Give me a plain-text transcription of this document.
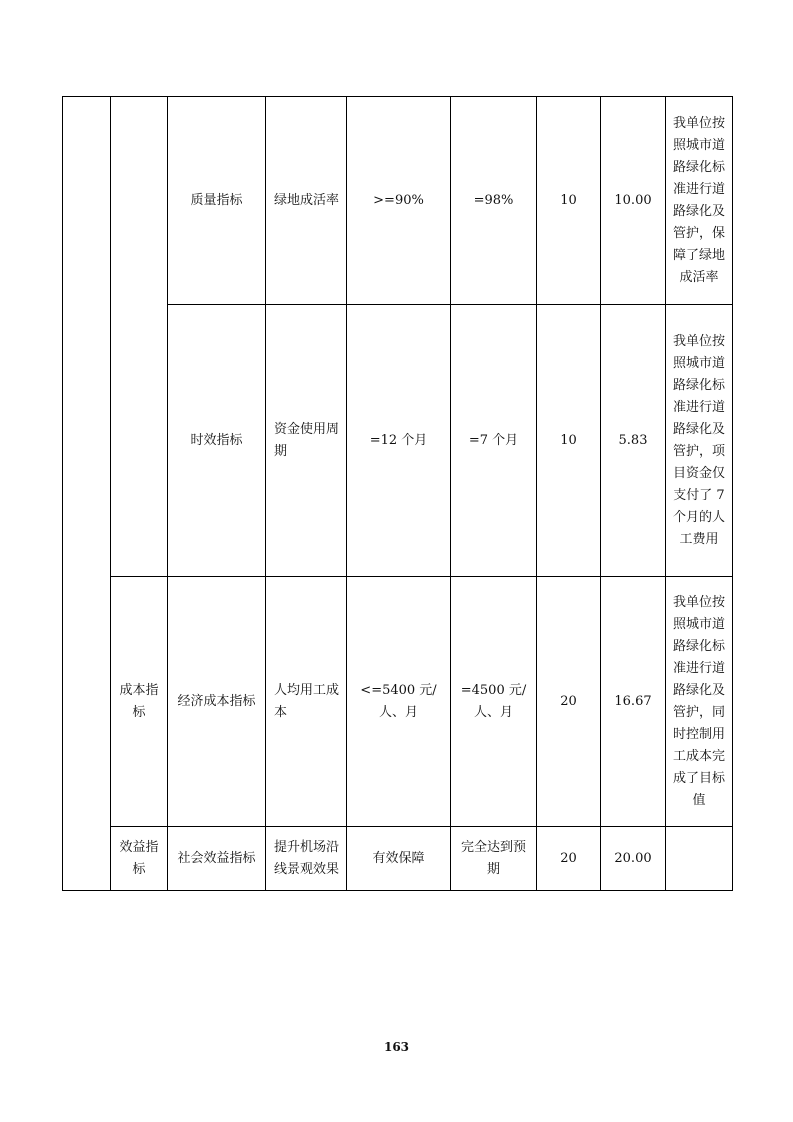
		质量指标	绿地成活率	>=90%	=98%	10	10.00	我单位按照城市道路绿化标准进行道路绿化及管护，保障了绿地成活率
		时效指标	资金使用周期	=12 个月	=7 个月	10	5.83	我单位按照城市道路绿化标准进行道路绿化及管护，项目资金仅支付了 7 个月的人工费用
	成本指标	经济成本指标	人均用工成本	<=5400 元/人、月	=4500 元/人、月	20	16.67	我单位按照城市道路绿化标准进行道路绿化及管护，同时控制用工成本完成了目标值
	效益指标	社会效益指标	提升机场沿线景观效果	有效保障	完全达到预期	20	20.00	
163
